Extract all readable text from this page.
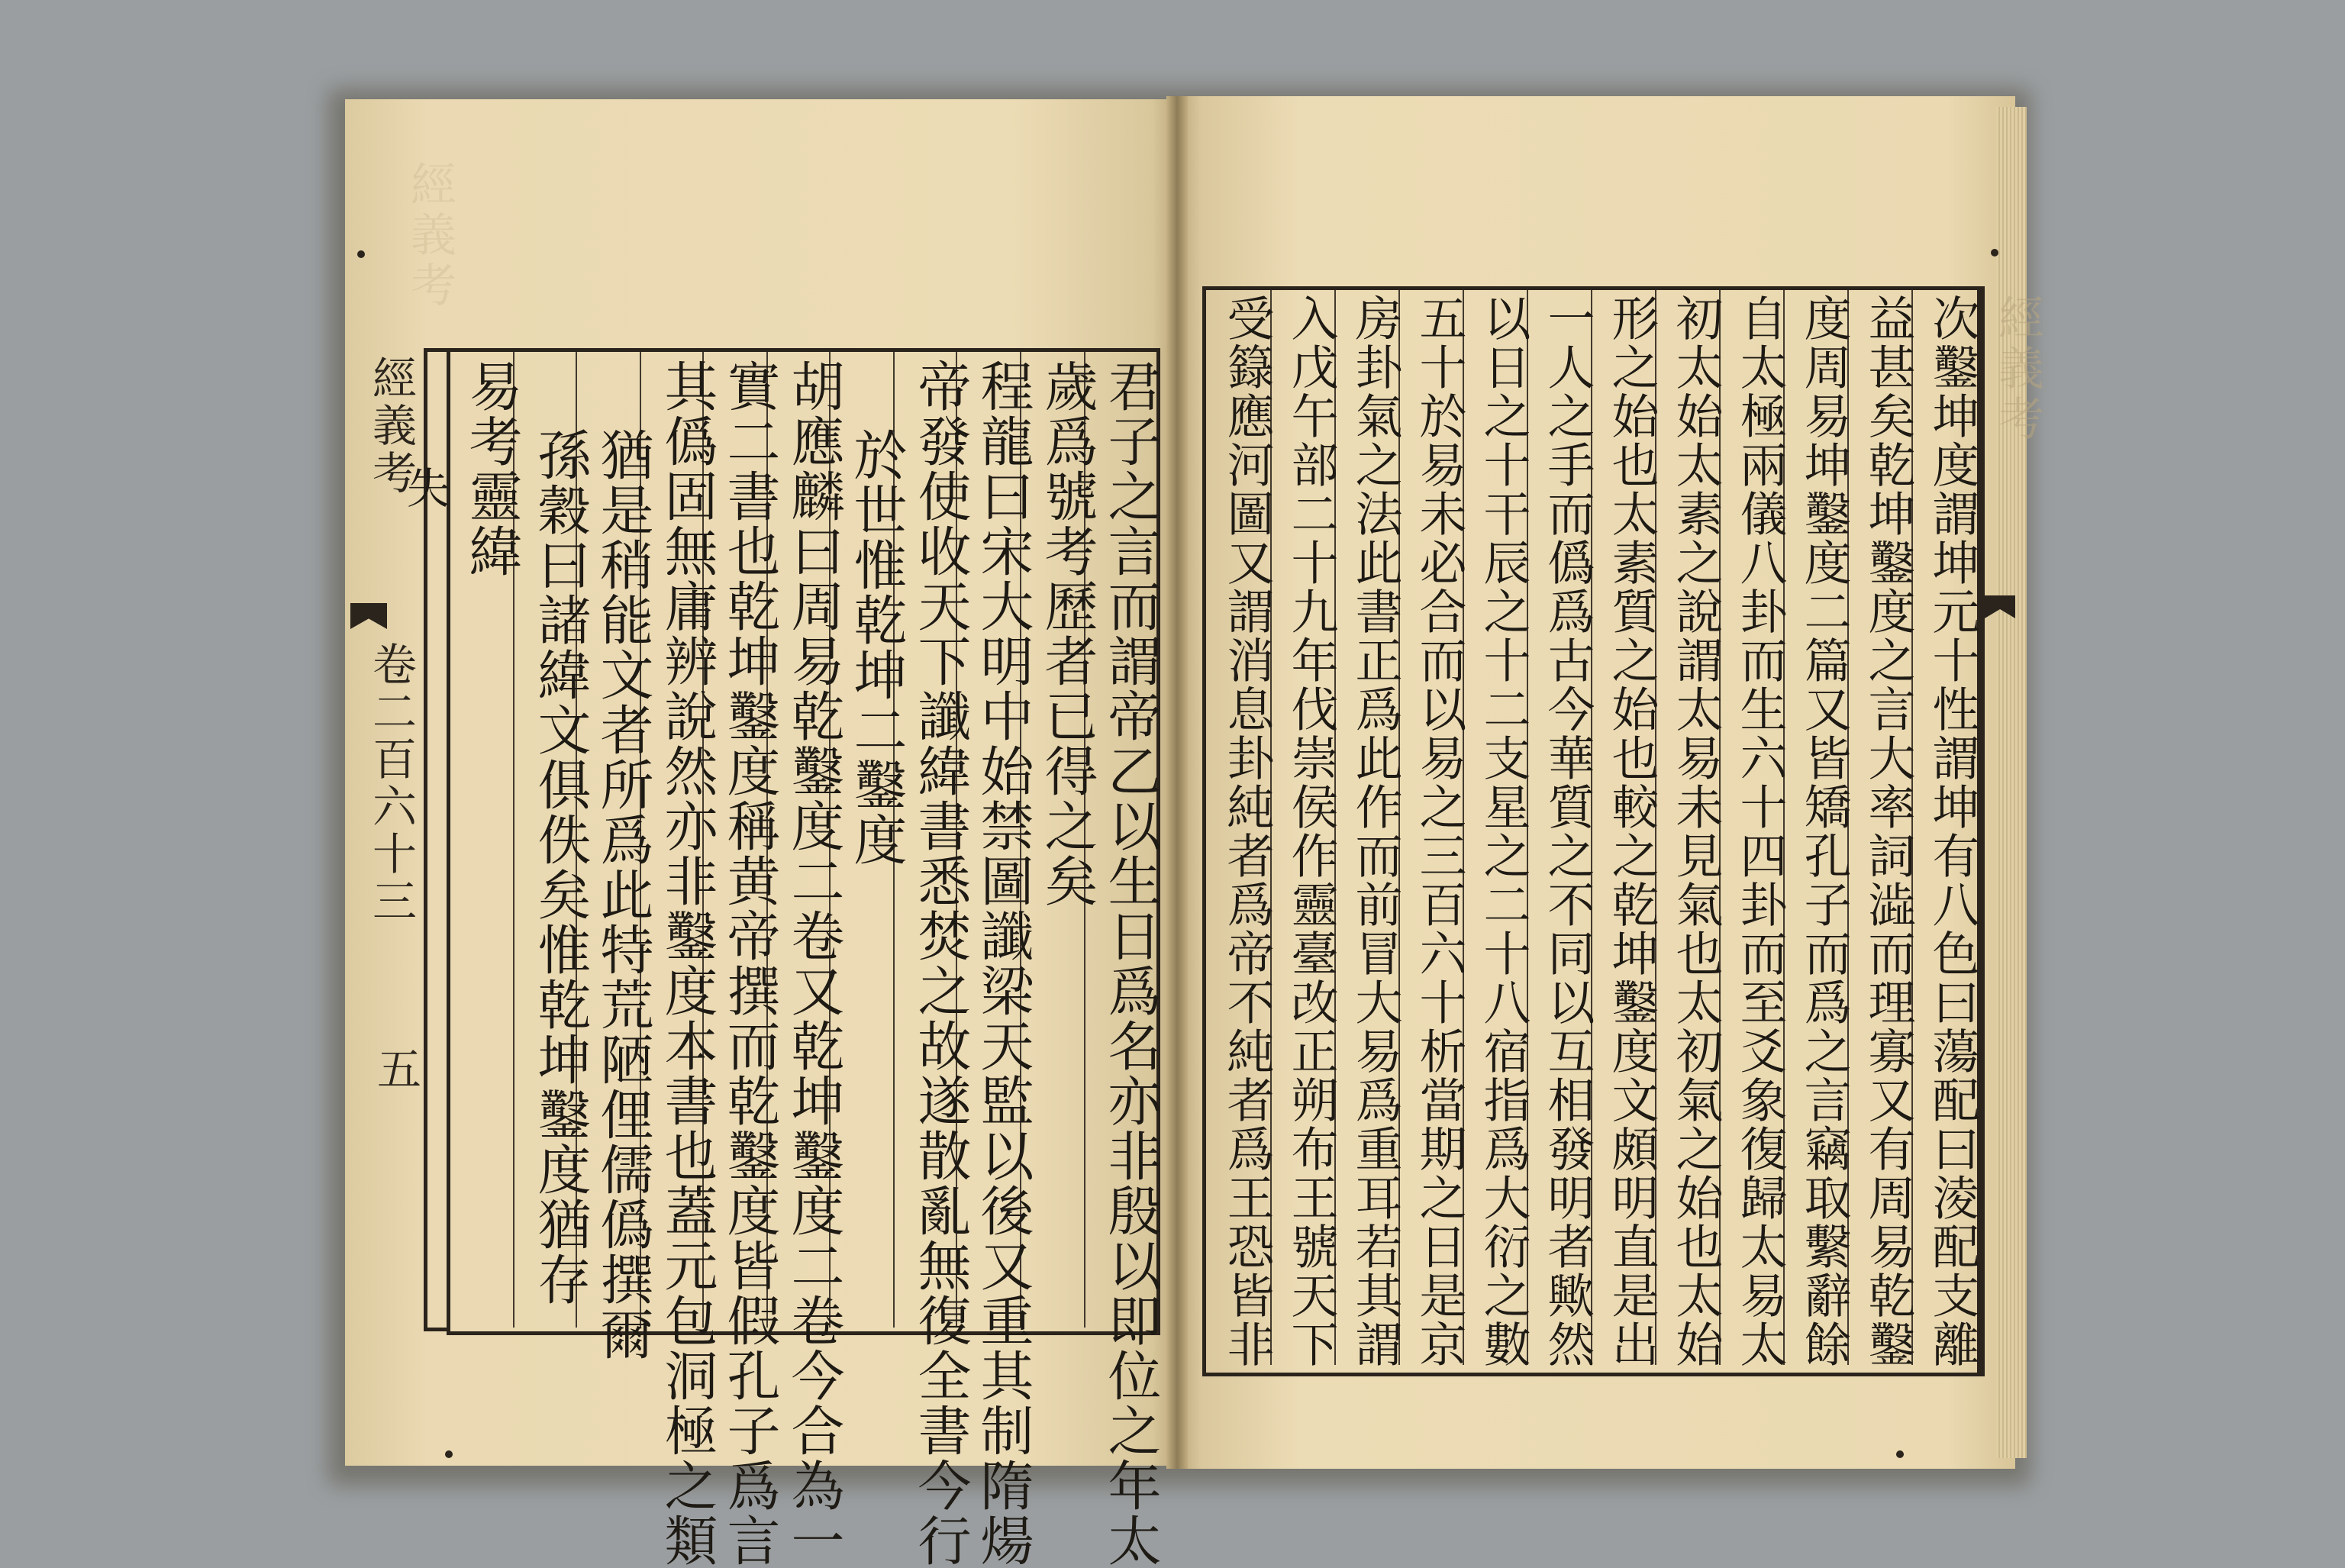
經義考
卷二百六十三
五
經義考
經義考
君子之言而謂帝乙以生日爲名亦非殷以即位之年太
歲爲號考歷者已得之矣
程龍曰宋大明中始禁圖讖梁天監以後又重其制隋煬
帝發使收天下讖緯書悉焚之故遂散亂無復全書今行
於世惟乾坤二鑿度
胡應麟曰周易乾鑿度二卷又乾坤鑿度二卷今合為一
實二書也乾坤鑿度稱黄帝撰而乾鑿度皆假孔子爲言
其僞固無庸辨說然亦非鑿度本書也蓋元包洞極之類
猶是稍能文者所爲此特荒陋俚儒僞撰爾
孫穀曰諸緯文俱佚矣惟乾坤鑿度猶存
易考靈緯
失	次鑿坤度謂坤元十性謂坤有八色曰蕩配曰淩配支離
益甚矣乾坤鑿度之言大率詞澁而理寡又有周易乾鑿
度周易坤鑿度二篇又皆矯孔子而爲之言竊取繫辭餘
自太極兩儀八卦而生六十四卦而至爻象復歸太易太
初太始太素之說謂太易未見氣也太初氣之始也太始
形之始也太素質之始也較之乾坤鑿度文頗明直是出
一人之手而僞爲古今華質之不同以互相發明者歟然
以日之十干辰之十二支星之二十八宿指爲大衍之數
五十於易未必合而以易之三百六十析當期之日是京
房卦氣之法此書正爲此作而前冒大易爲重耳若其謂
入戊午部二十九年伐崇侯作靈臺改正朔布王號天下
受籙應河圖又謂消息卦純者爲帝不純者爲王恐皆非
